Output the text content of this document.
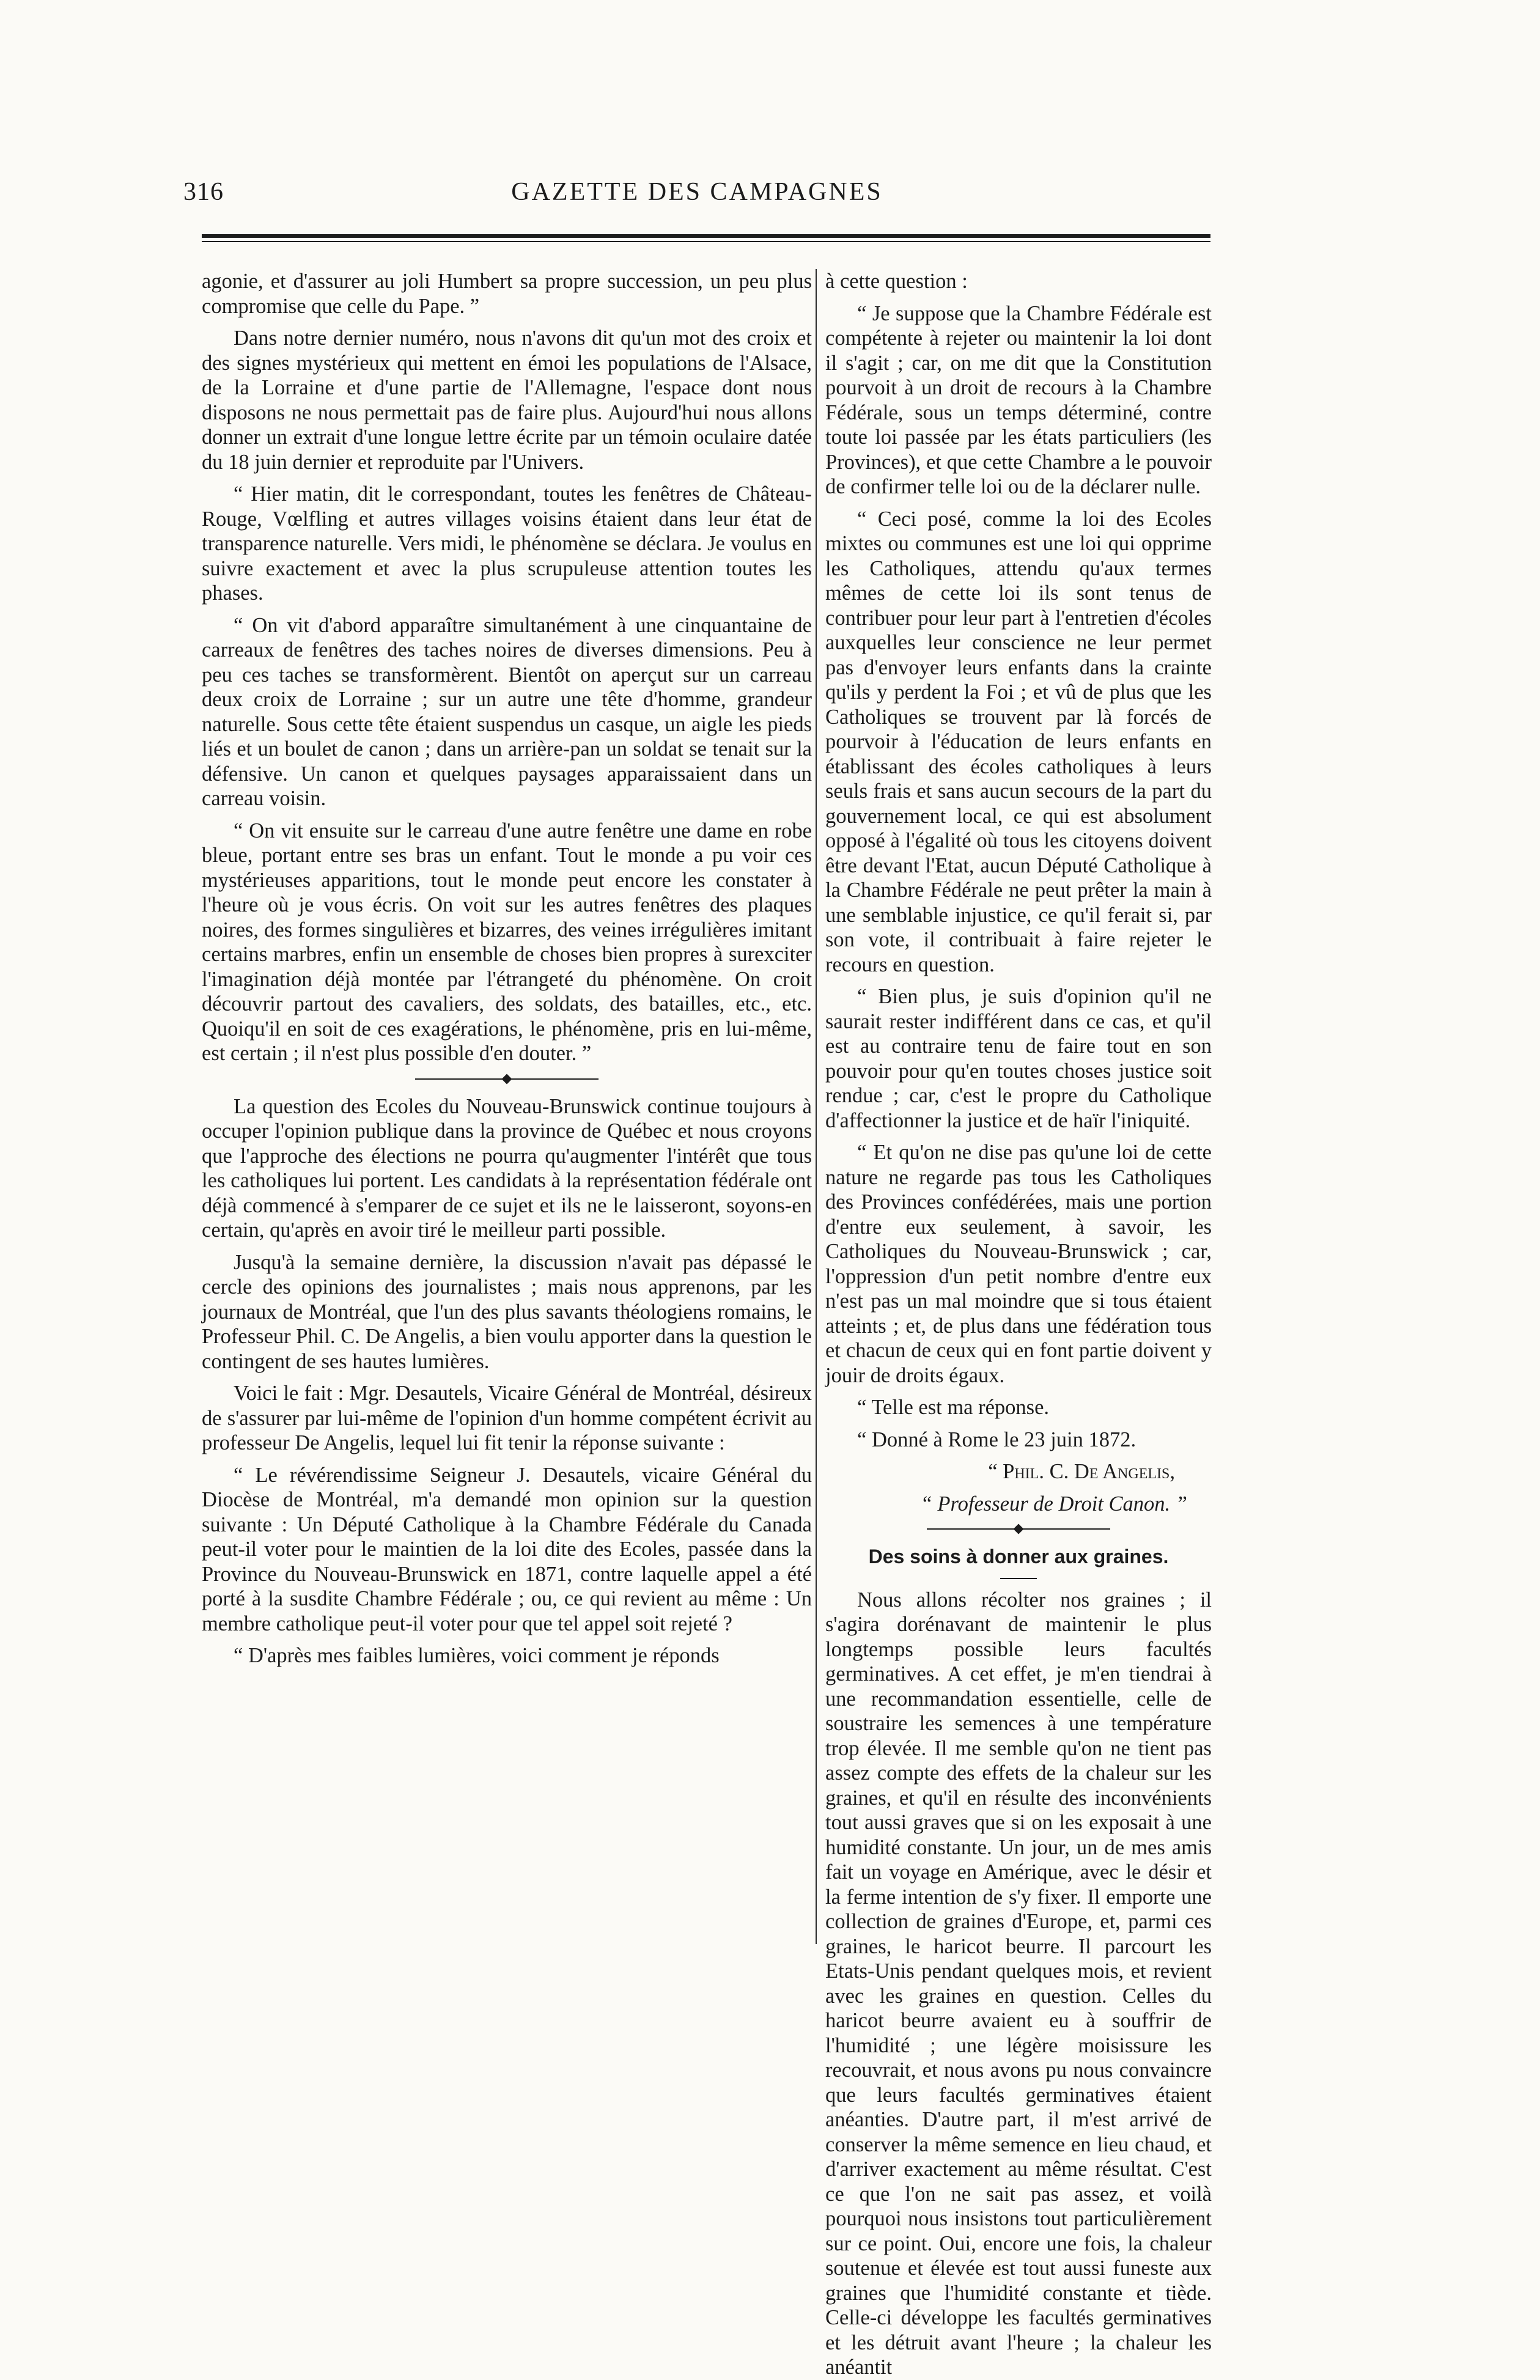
316	GAZETTE DES CAMPAGNES

agonie, et d'assurer au joli Humbert sa propre succession, un peu plus compromise que celle du Pape. ”

Dans notre dernier numéro, nous n'avons dit qu'un mot des croix et des signes mystérieux qui mettent en émoi les populations de l'Alsace, de la Lorraine et d'une partie de l'Allemagne, l'espace dont nous disposons ne nous permettait pas de faire plus. Aujourd'hui nous allons donner un extrait d'une longue lettre écrite par un témoin oculaire datée du 18 juin dernier et reproduite par l'Univers.

“ Hier matin, dit le correspondant, toutes les fenêtres de Château-Rouge, Vœlfling et autres villages voisins étaient dans leur état de transparence naturelle. Vers midi, le phénomène se déclara. Je voulus en suivre exactement et avec la plus scrupuleuse attention toutes les phases.

“ On vit d'abord apparaître simultanément à une cinquantaine de carreaux de fenêtres des taches noires de diverses dimensions. Peu à peu ces taches se transformèrent. Bientôt on aperçut sur un carreau deux croix de Lorraine ; sur un autre une tête d'homme, grandeur naturelle. Sous cette tête étaient suspendus un casque, un aigle les pieds liés et un boulet de canon ; dans un arrière-pan un soldat se tenait sur la défensive. Un canon et quelques paysages apparaissaient dans un carreau voisin.

“ On vit ensuite sur le carreau d'une autre fenêtre une dame en robe bleue, portant entre ses bras un enfant. Tout le monde a pu voir ces mystérieuses apparitions, tout le monde peut encore les constater à l'heure où je vous écris. On voit sur les autres fenêtres des plaques noires, des formes singulières et bizarres, des veines irrégulières imitant certains marbres, enfin un ensemble de choses bien propres à surexciter l'imagination déjà montée par l'étrangeté du phénomène. On croit découvrir partout des cavaliers, des soldats, des batailles, etc., etc. Quoiqu'il en soit de ces exagérations, le phénomène, pris en lui-même, est certain ; il n'est plus possible d'en douter. ”

La question des Ecoles du Nouveau-Brunswick continue toujours à occuper l'opinion publique dans la province de Québec et nous croyons que l'approche des élections ne pourra qu'augmenter l'intérêt que tous les catholiques lui portent. Les candidats à la représentation fédérale ont déjà commencé à s'emparer de ce sujet et ils ne le laisseront, soyons-en certain, qu'après en avoir tiré le meilleur parti possible.

Jusqu'à la semaine dernière, la discussion n'avait pas dépassé le cercle des opinions des journalistes ; mais nous apprenons, par les journaux de Montréal, que l'un des plus savants théologiens romains, le Professeur Phil. C. De Angelis, a bien voulu apporter dans la question le contingent de ses hautes lumières.

Voici le fait : Mgr. Desautels, Vicaire Général de Montréal, désireux de s'assurer par lui-même de l'opinion d'un homme compétent écrivit au professeur De Angelis, lequel lui fit tenir la réponse suivante :

“ Le révérendissime Seigneur J. Desautels, vicaire Général du Diocèse de Montréal, m'a demandé mon opinion sur la question suivante : Un Député Catholique à la Chambre Fédérale du Canada peut-il voter pour le maintien de la loi dite des Ecoles, passée dans la Province du Nouveau-Brunswick en 1871, contre laquelle appel a été porté à la susdite Chambre Fédérale ; ou, ce qui revient au même : Un membre catholique peut-il voter pour que tel appel soit rejeté ?

“ D'après mes faibles lumières, voici comment je réponds

à cette question :

“ Je suppose que la Chambre Fédérale est compétente à rejeter ou maintenir la loi dont il s'agit ; car, on me dit que la Constitution pourvoit à un droit de recours à la Chambre Fédérale, sous un temps déterminé, contre toute loi passée par les états particuliers (les Provinces), et que cette Chambre a le pouvoir de confirmer telle loi ou de la déclarer nulle.

“ Ceci posé, comme la loi des Ecoles mixtes ou communes est une loi qui opprime les Catholiques, attendu qu'aux termes mêmes de cette loi ils sont tenus de contribuer pour leur part à l'entretien d'écoles auxquelles leur conscience ne leur permet pas d'envoyer leurs enfants dans la crainte qu'ils y perdent la Foi ; et vû de plus que les Catholiques se trouvent par là forcés de pourvoir à l'éducation de leurs enfants en établissant des écoles catholiques à leurs seuls frais et sans aucun secours de la part du gouvernement local, ce qui est absolument opposé à l'égalité où tous les citoyens doivent être devant l'Etat, aucun Député Catholique à la Chambre Fédérale ne peut prêter la main à une semblable injustice, ce qu'il ferait si, par son vote, il contribuait à faire rejeter le recours en question.

“ Bien plus, je suis d'opinion qu'il ne saurait rester indifférent dans ce cas, et qu'il est au contraire tenu de faire tout en son pouvoir pour qu'en toutes choses justice soit rendue ; car, c'est le propre du Catholique d'affectionner la justice et de haïr l'iniquité.

“ Et qu'on ne dise pas qu'une loi de cette nature ne regarde pas tous les Catholiques des Provinces confédérées, mais une portion d'entre eux seulement, à savoir, les Catholiques du Nouveau-Brunswick ; car, l'oppression d'un petit nombre d'entre eux n'est pas un mal moindre que si tous étaient atteints ; et, de plus dans une fédération tous et chacun de ceux qui en font partie doivent y jouir de droits égaux.

“ Telle est ma réponse.

“ Donné à Rome le 23 juin 1872.

“ Phil. C. De Angelis,

“ Professeur de Droit Canon. ”

Des soins à donner aux graines.

Nous allons récolter nos graines ; il s'agira dorénavant de maintenir le plus longtemps possible leurs facultés germinatives. A cet effet, je m'en tiendrai à une recommandation essentielle, celle de soustraire les semences à une température trop élevée. Il me semble qu'on ne tient pas assez compte des effets de la chaleur sur les graines, et qu'il en résulte des inconvénients tout aussi graves que si on les exposait à une humidité constante. Un jour, un de mes amis fait un voyage en Amérique, avec le désir et la ferme intention de s'y fixer. Il emporte une collection de graines d'Europe, et, parmi ces graines, le haricot beurre. Il parcourt les Etats-Unis pendant quelques mois, et revient avec les graines en question. Celles du haricot beurre avaient eu à souffrir de l'humidité ; une légère moisissure les recouvrait, et nous avons pu nous convaincre que leurs facultés germinatives étaient anéanties. D'autre part, il m'est arrivé de conserver la même semence en lieu chaud, et d'arriver exactement au même résultat. C'est ce que l'on ne sait pas assez, et voilà pourquoi nous insistons tout particulièrement sur ce point. Oui, encore une fois, la chaleur soutenue et élevée est tout aussi funeste aux graines que l'humidité constante et tiède. Celle-ci développe les facultés germinatives et les détruit avant l'heure ; la chaleur les anéantit
